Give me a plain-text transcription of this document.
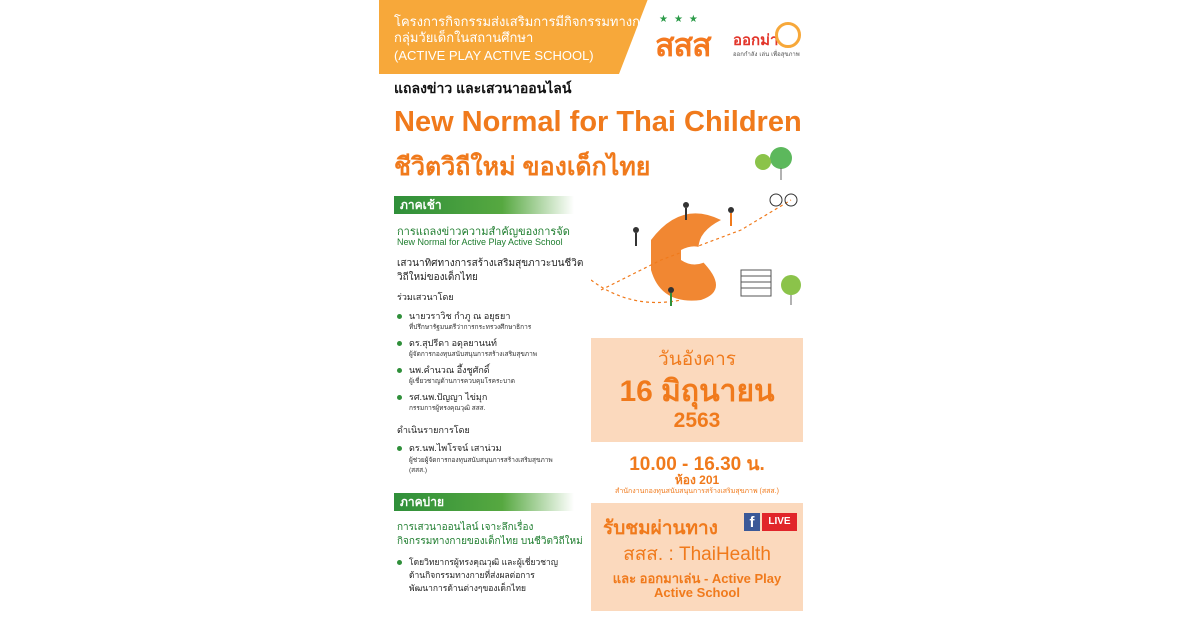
โครงการกิจกรรมส่งเสริมการมีกิจกรรมทางกาย
กลุ่มวัยเด็กในสถานศึกษา
(ACTIVE PLAY ACTIVE SCHOOL)
★★★
สสส ออกม่า
ออกกำลัง เล่น เพื่อสุขภาพ
แถลงข่าว และเสวนาออนไลน์
New Normal for Thai Children
ชีวิตวิถีใหม่ ของเด็กไทย
ภาคเช้า
การแถลงข่าวความสำคัญของการจัด
New Normal for Active Play Active School
เสวนาทิศทางการสร้างเสริมสุขภาวะบนชีวิต
วิถีใหม่ของเด็กไทย
ร่วมเสวนาโดย
นายวราวิช กำภู ณ อยุธยา
ที่ปรึกษารัฐมนตรีว่าการกระทรวงศึกษาธิการ
ดร.สุปรีดา อดุลยานนท์
ผู้จัดการกองทุนสนับสนุนการสร้างเสริมสุขภาพ
นพ.คำนวณ อึ้งชูศักดิ์
ผู้เชี่ยวชาญด้านการควบคุมโรคระบาด
รศ.นพ.ปัญญา ไข่มุก
กรรมการผู้ทรงคุณวุฒิ สสส.
ดำเนินรายการโดย
ดร.นพ.ไพโรจน์ เสาน่วม
ผู้ช่วยผู้จัดการกองทุนสนับสนุนการสร้างเสริมสุขภาพ
(สสส.)
ภาคบ่าย
การเสวนาออนไลน์ เจาะลึกเรื่อง
กิจกรรมทางกายของเด็กไทย บนชีวิตวิถีใหม่
โดยวิทยากรผู้ทรงคุณวุฒิ และผู้เชี่ยวชาญ
ด้านกิจกรรมทางกายที่ส่งผลต่อการ
พัฒนาการด้านต่างๆของเด็กไทย
วันอังคาร
16 มิถุนายน
2563
10.00 - 16.30 น.
ห้อง 201
สำนักงานกองทุนสนับสนุนการสร้างเสริมสุขภาพ (สสส.)
รับชมผ่านทาง	f	LIVE
สสส. : ThaiHealth
และ ออกมาเล่น - Active Play
Active School
